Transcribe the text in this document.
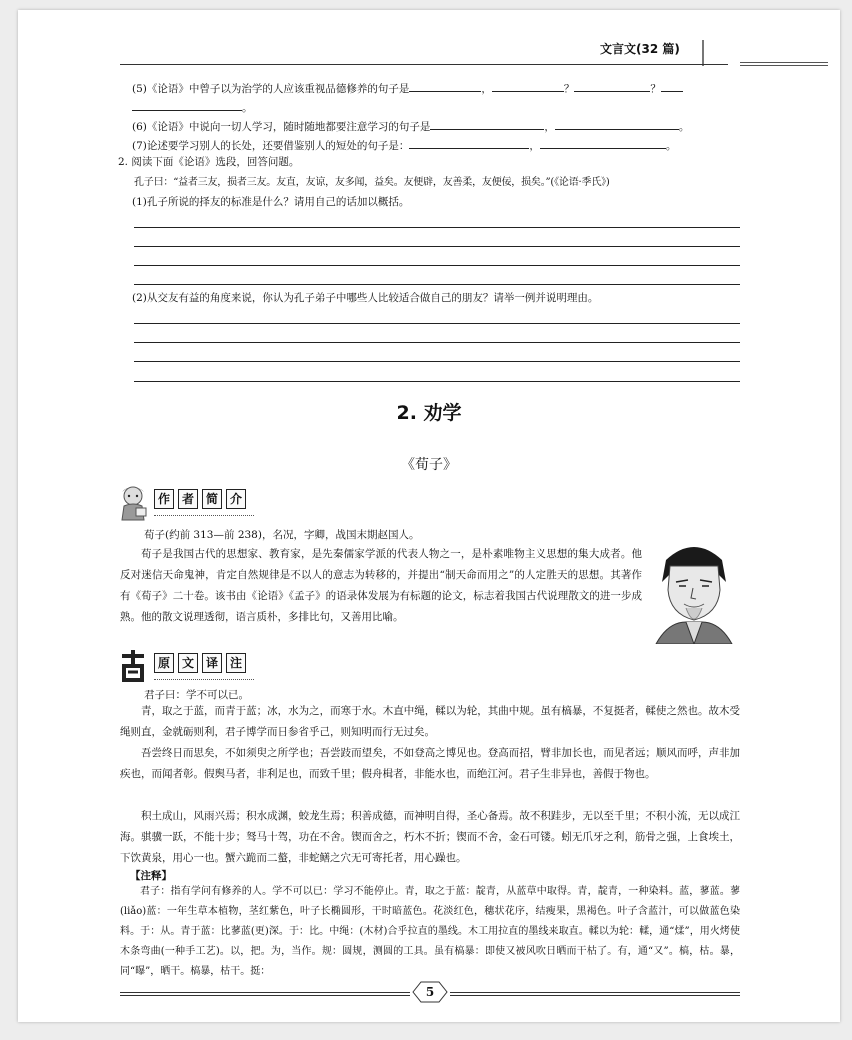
文言文(32 篇)
(5)《论语》中曾子以为治学的人应该重视品德修养的句子是	，	？	？
。
(6)《论语》中说向一切人学习，随时随地都要注意学习的句子是	，	。
(7)论述要学习别人的长处，还要借鉴别人的短处的句子是：	，	。
2. 阅读下面《论语》选段，回答问题。
孔子曰：“益者三友，损者三友。友直，友谅，友多闻，益矣。友便辟，友善柔，友便佞，损矣。”(《论语·季氏》)
(1)孔子所说的择友的标准是什么？请用自己的话加以概括。
(2)从交友有益的角度来说，你认为孔子弟子中哪些人比较适合做自己的朋友？请举一例并说明理由。
2. 劝学
《荀子》
作 者 简 介
荀子(约前 313—前 238)，名况，字卿，战国末期赵国人。
荀子是我国古代的思想家、教育家，是先秦儒家学派的代表人物之一，是朴素唯物主义思想的集大成者。他反对迷信天命鬼神，肯定自然规律是不以人的意志为转移的，并提出“制天命而用之”的人定胜天的思想。其著作有《荀子》二十卷。该书由《论语》《孟子》的语录体发展为有标题的论文，标志着我国古代说理散文的进一步成熟。他的散文说理透彻，语言质朴，多排比句，又善用比喻。
原 文 译 注
君子曰：学不可以已。
青，取之于蓝，而青于蓝；冰，水为之，而寒于水。木直中绳，輮以为轮，其曲中规。虽有槁暴，不复挺者，輮使之然也。故木受绳则直，金就砺则利，君子博学而日参省乎己，则知明而行无过矣。
吾尝终日而思矣，不如须臾之所学也；吾尝跂而望矣，不如登高之博见也。登高而招，臂非加长也，而见者远；顺风而呼，声非加疾也，而闻者彰。假舆马者，非利足也，而致千里；假舟楫者，非能水也，而绝江河。君子生非异也，善假于物也。
积土成山，风雨兴焉；积水成渊，蛟龙生焉；积善成德，而神明自得，圣心备焉。故不积跬步，无以至千里；不积小流，无以成江海。骐骥一跃，不能十步；驽马十驾，功在不舍。锲而舍之，朽木不折；锲而不舍，金石可镂。蚓无爪牙之利，筋骨之强，上食埃土，下饮黄泉，用心一也。蟹六跪而二螯，非蛇鳝之穴无可寄托者，用心躁也。
【注释】
君子：指有学问有修养的人。学不可以已：学习不能停止。青，取之于蓝：靛青，从蓝草中取得。青，靛青，一种染料。蓝，蓼蓝。蓼(liǎo)蓝：一年生草本植物，茎红紫色，叶子长椭圆形，干时暗蓝色。花淡红色，穗状花序，结瘦果，黑褐色。叶子含蓝汁，可以做蓝色染料。于：从。青于蓝：比蓼蓝(更)深。于：比。中绳：(木材)合乎拉直的墨线。木工用拉直的墨线来取直。輮以为轮：輮，通“煣”，用火烤使木条弯曲(一种手工艺)。以，把。为，当作。规：圆规，测圆的工具。虽有槁暴：即使又被风吹日晒而干枯了。有，通“又”。槁，枯。暴，同“曝”，晒干。槁暴，枯干。挺：
5
